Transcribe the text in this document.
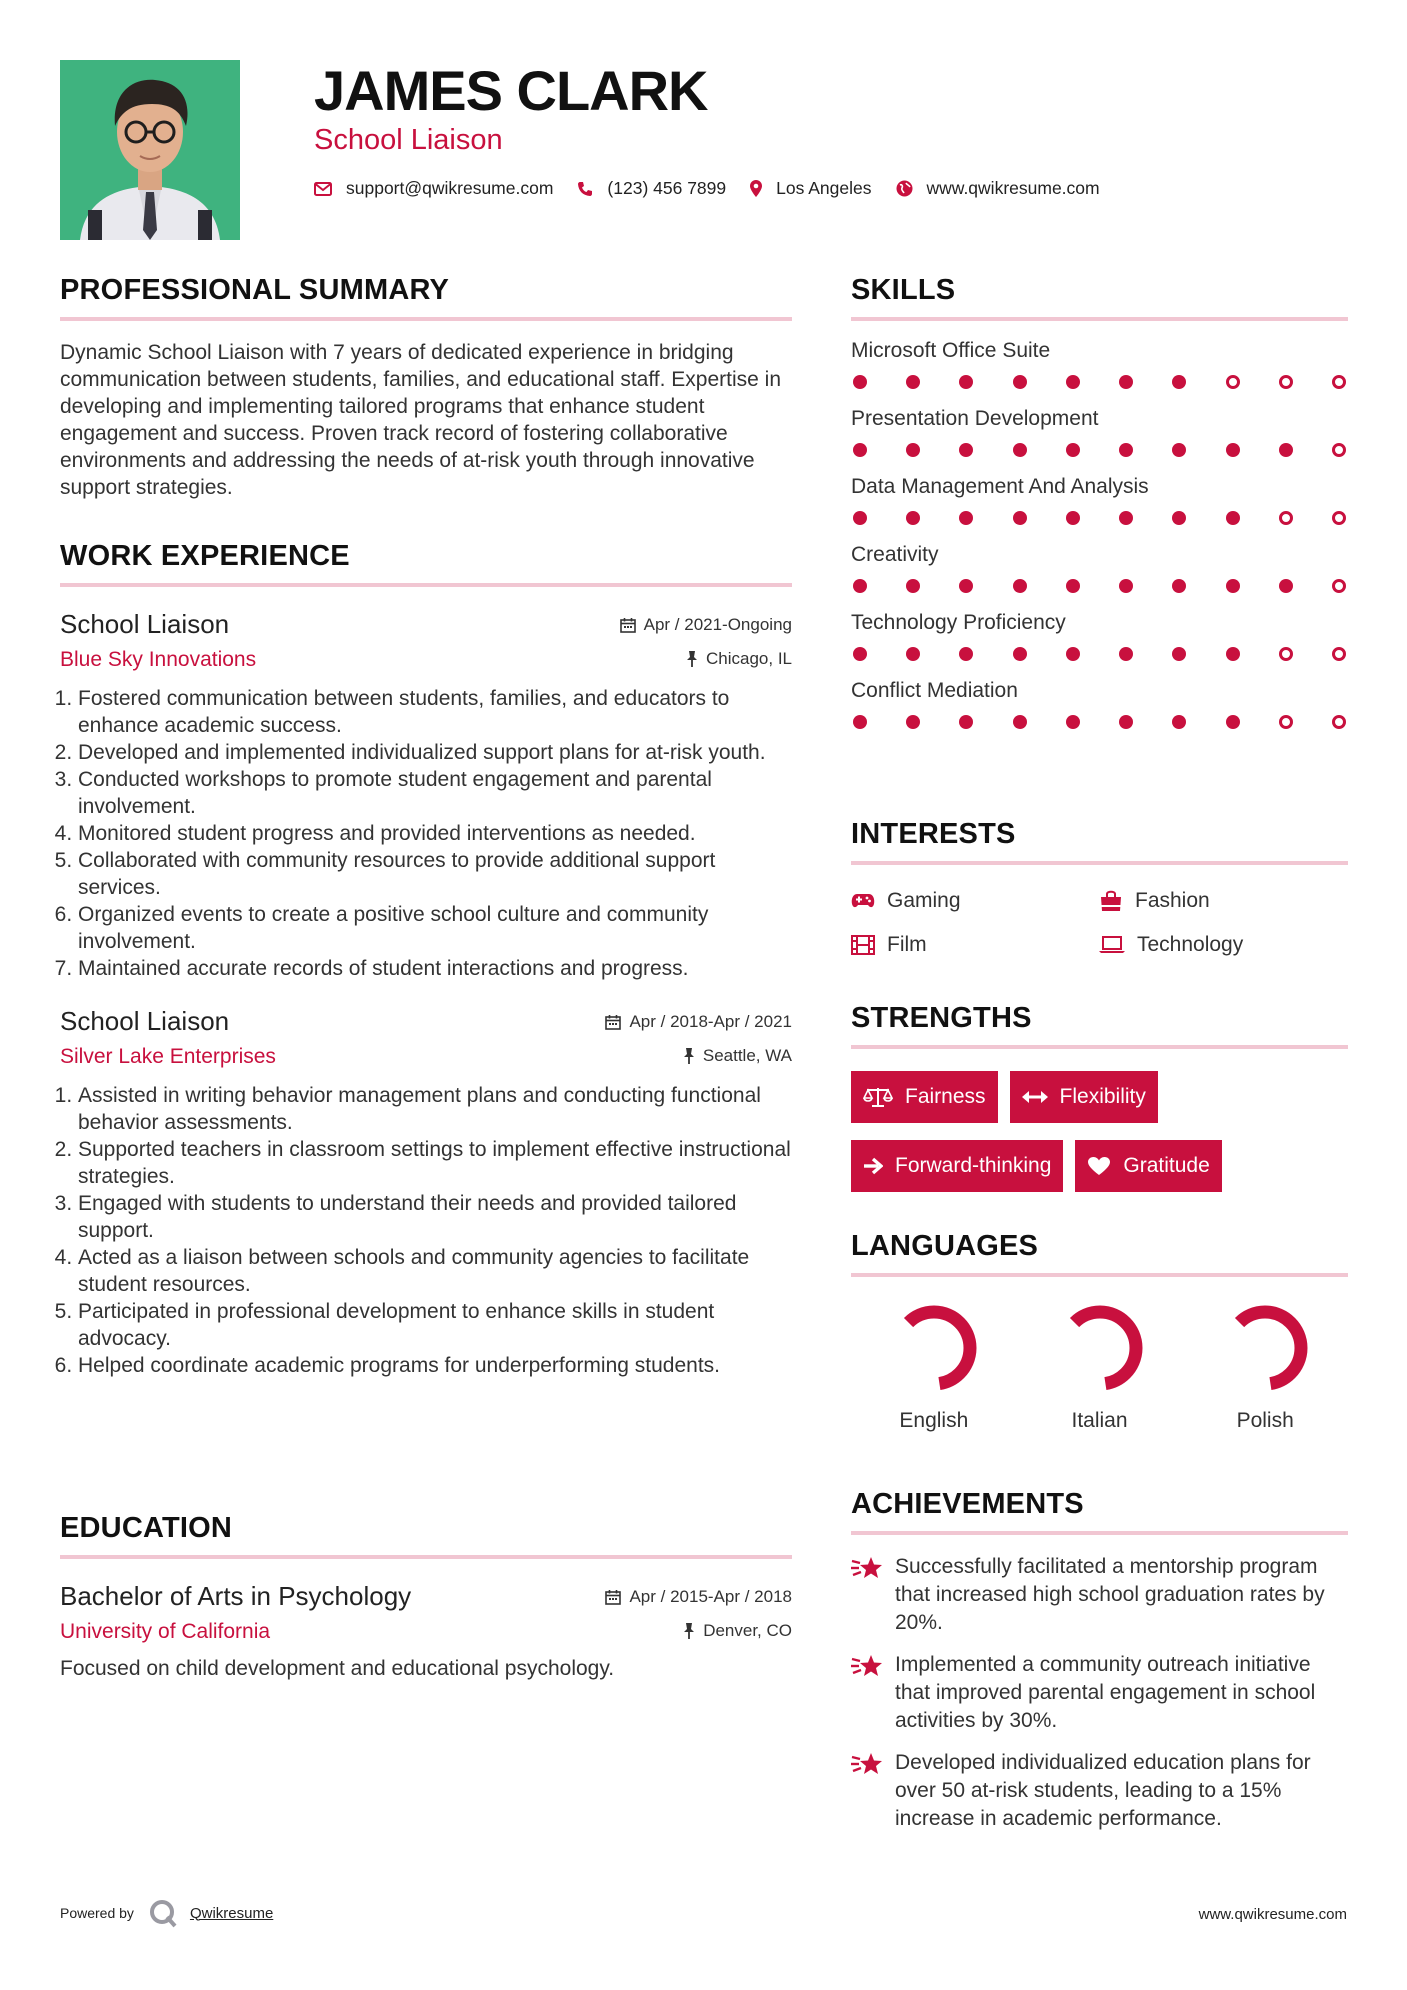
JAMES CLARK
School Liaison
support@qwikresume.com	(123) 456 7899	Los Angeles	www.qwikresume.com
PROFESSIONAL SUMMARY

Dynamic School Liaison with 7 years of dedicated experience in bridging communication between students, families, and educational staff. Expertise in developing and implementing tailored programs that enhance student engagement and success. Proven track record of fostering collaborative environments and addressing the needs of at-risk youth through innovative support strategies.

WORK EXPERIENCE
School Liaison
Blue Sky Innovations
Apr / 2021-Ongoing
Chicago, IL
1. Fostered communication between students, families, and educators to enhance academic success.
2. Developed and implemented individualized support plans for at-risk youth.
3. Conducted workshops to promote student engagement and parental involvement.
4. Monitored student progress and provided interventions as needed.
5. Collaborated with community resources to provide additional support services.
6. Organized events to create a positive school culture and community involvement.
7. Maintained accurate records of student interactions and progress.
School Liaison
Silver Lake Enterprises
Apr / 2018-Apr / 2021
Seattle, WA
1. Assisted in writing behavior management plans and conducting functional behavior assessments.
2. Supported teachers in classroom settings to implement effective instructional strategies.
3. Engaged with students to understand their needs and provided tailored support.
4. Acted as a liaison between schools and community agencies to facilitate student resources.
5. Participated in professional development to enhance skills in student advocacy.
6. Helped coordinate academic programs for underperforming students.
EDUCATION
Bachelor of Arts in Psychology
University of California
Apr / 2015-Apr / 2018
Denver, CO

Focused on child development and educational psychology.

SKILLS
Microsoft Office Suite
Presentation Development
Data Management And Analysis
Creativity
Technology Proficiency
Conflict Mediation
INTERESTS
Gaming	Fashion
Film	Technology
STRENGTHS
Fairness	Flexibility
Forward-thinking	Gratitude
LANGUAGES
English	Italian	Polish
ACHIEVEMENTS
Successfully facilitated a mentorship program that increased high school graduation rates by 20%.
Implemented a community outreach initiative that improved parental engagement in school activities by 30%.
Developed individualized education plans for over 50 at-risk students, leading to a 15% increase in academic performance.
Powered by	Qwikresume	www.qwikresume.com
